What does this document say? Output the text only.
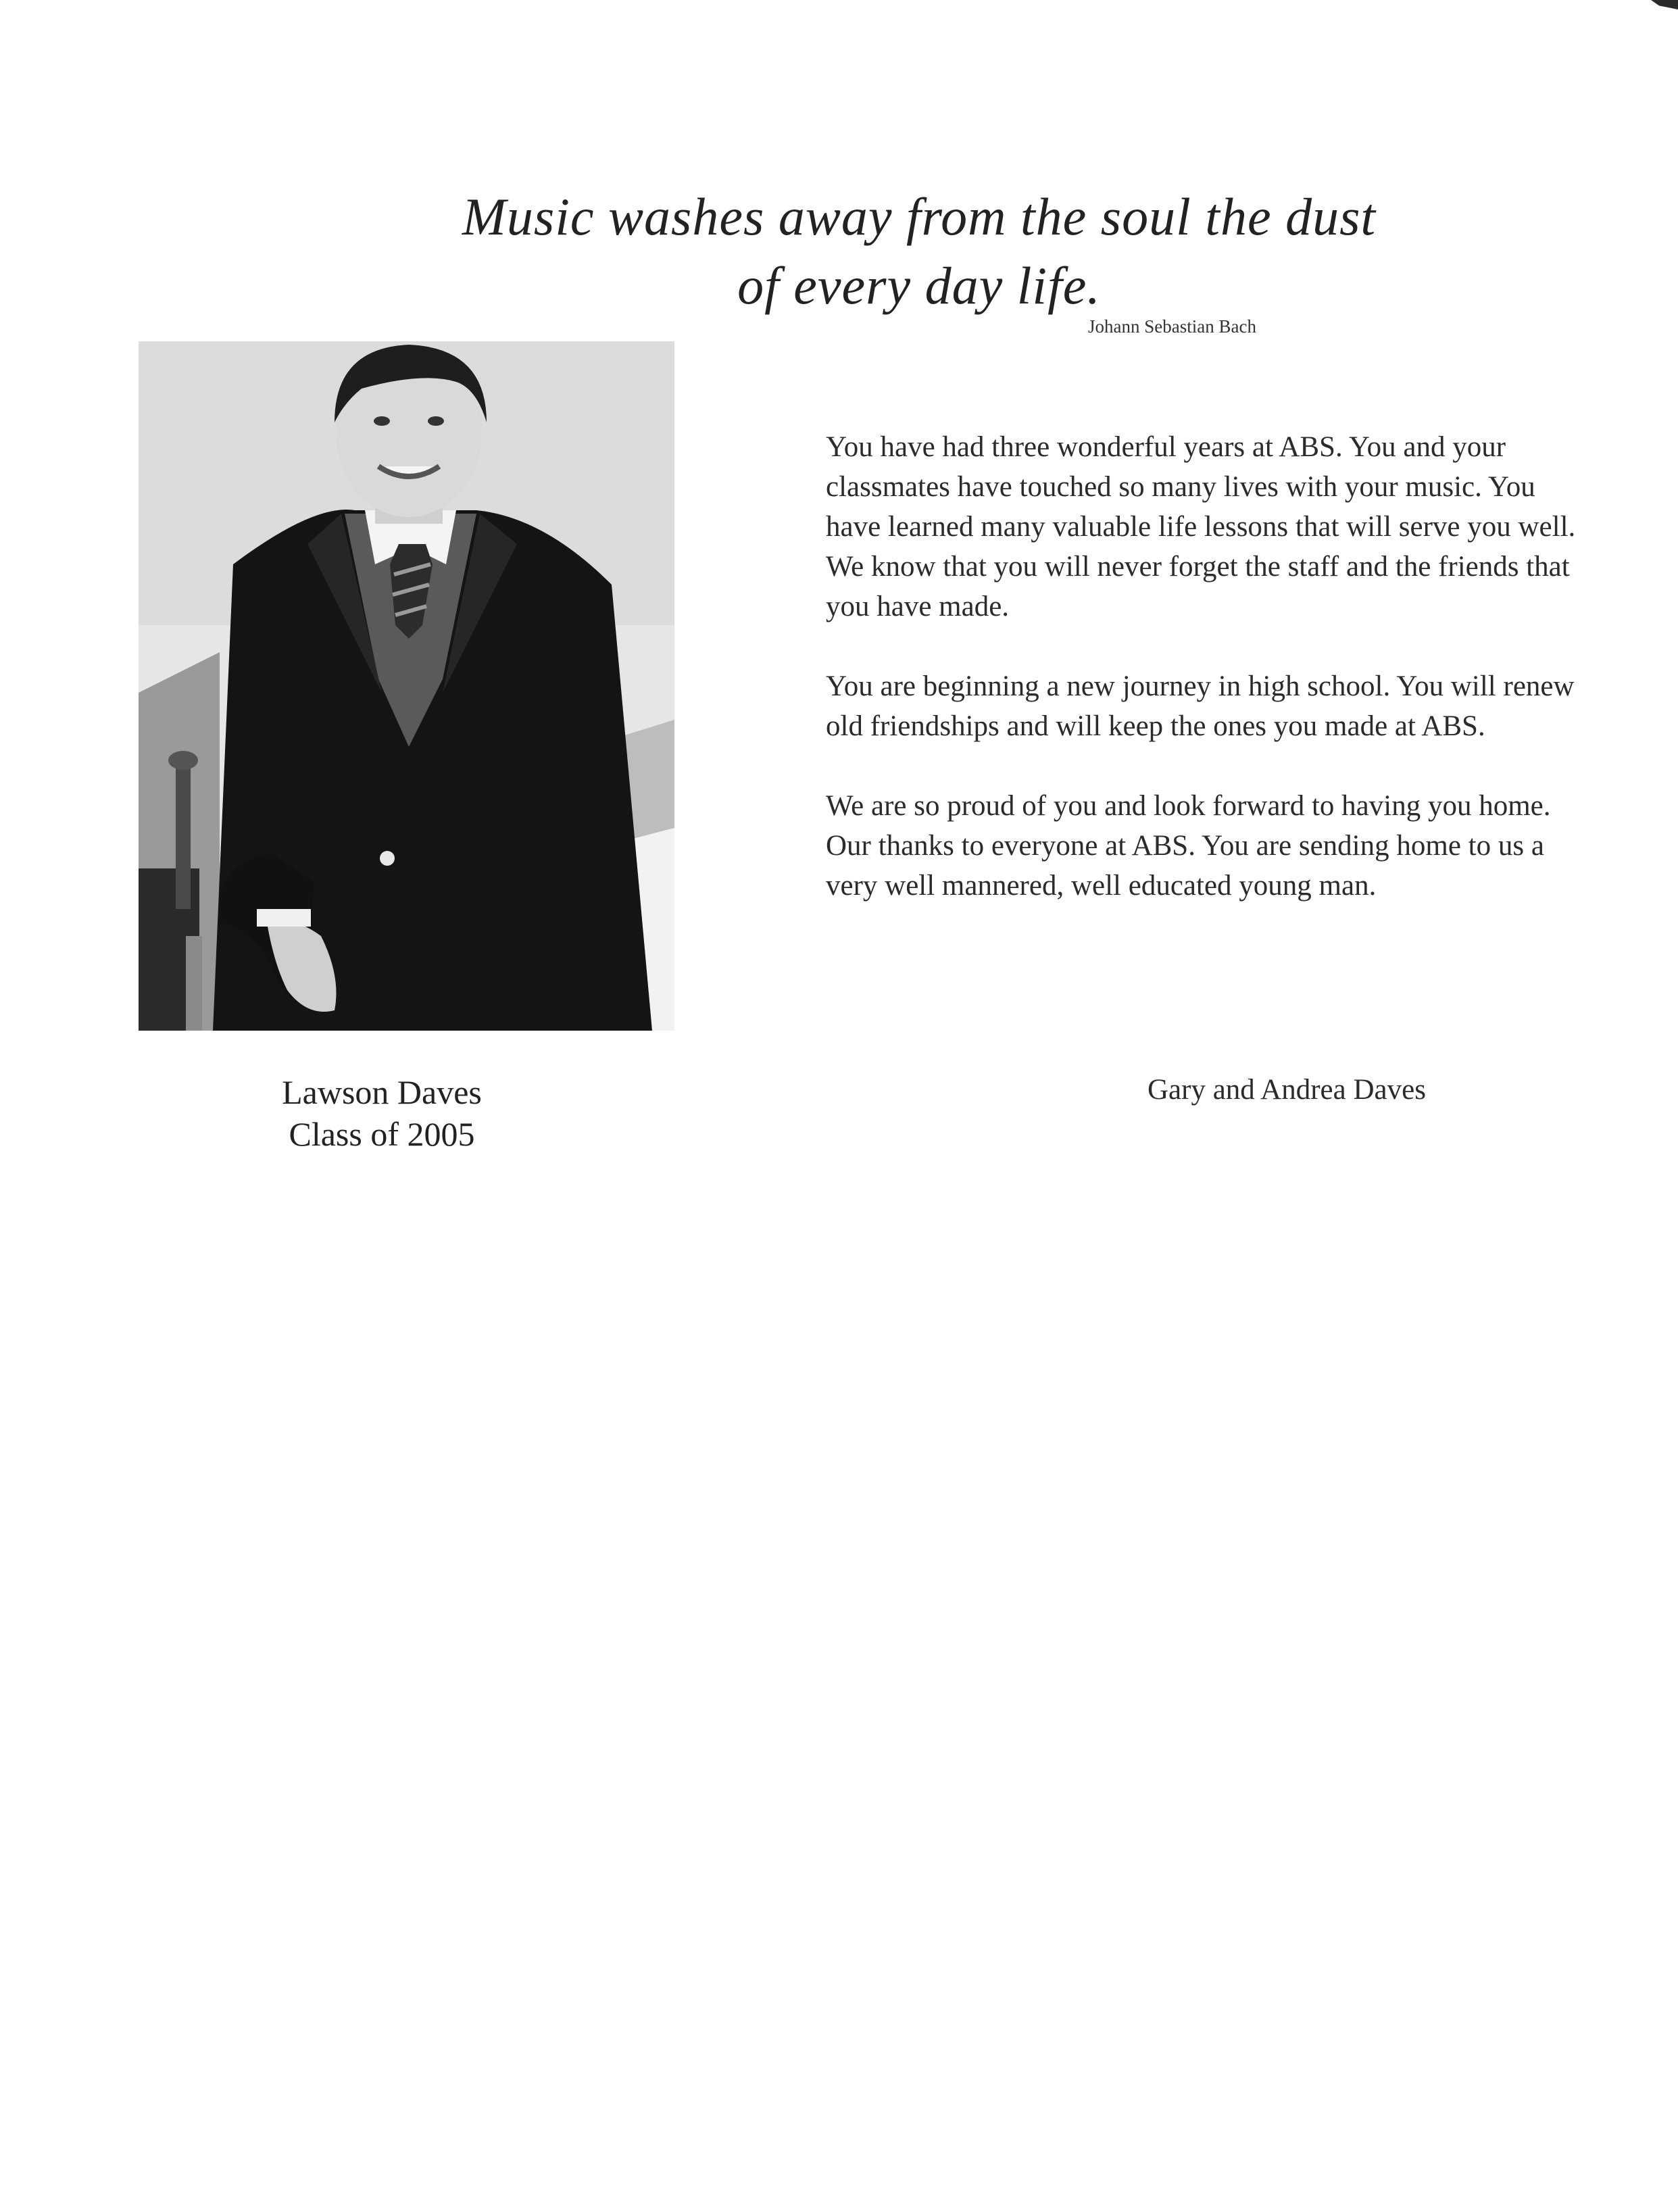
Music washes away from the soul the dust
of every day life.
Johann Sebastian Bach
Lawson Daves
Class of 2005

You have had three wonderful years at ABS. You and your classmates have touched so many lives with your music. You have learned many valuable life lessons that will serve you well. We know that you will never forget the staff and the friends that you have made.

You are beginning a new journey in high school. You will renew old friendships and will keep the ones you made at ABS.

We are so proud of you and look forward to having you home. Our thanks to everyone at ABS. You are sending home to us a very well mannered, well educated young man.

Gary and Andrea Daves
